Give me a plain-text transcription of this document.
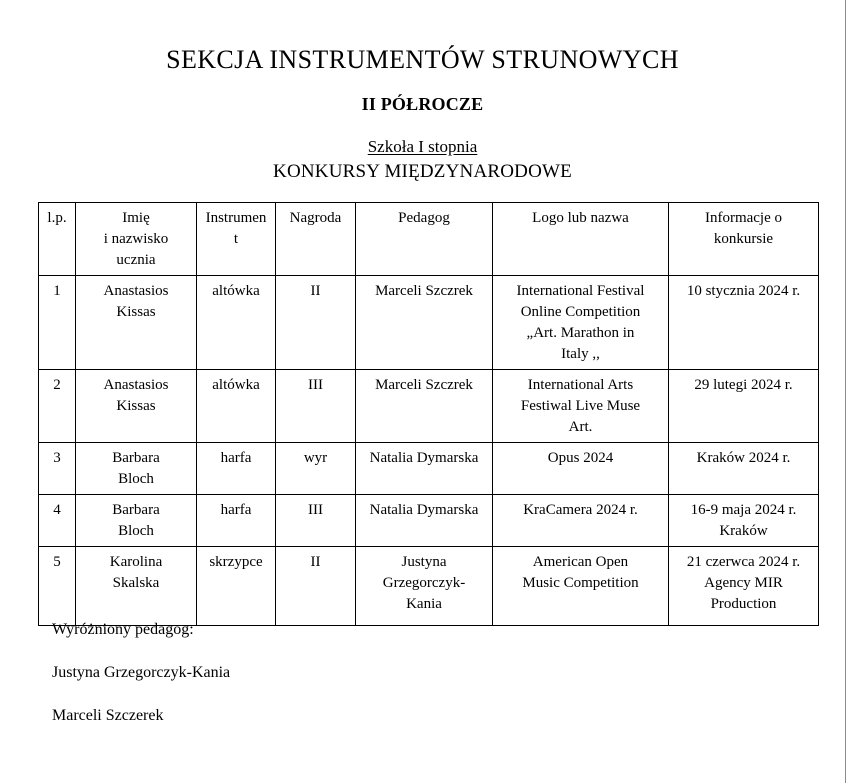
SEKCJA INSTRUMENTÓW STRUNOWYCH
II PÓŁROCZE
Szkoła I stopnia
KONKURSY MIĘDZYNARODOWE
l.p.	Imię
i nazwisko
ucznia	Instrumen
t	Nagroda	Pedagog	Logo lub nazwa	Informacje o
konkursie
1	Anastasios
Kissas	altówka	II	Marceli Szczrek	International Festival
Online Competition
„Art. Marathon in
Italy ,,	10 stycznia 2024 r.
2	Anastasios
Kissas	altówka	III	Marceli Szczrek	International Arts
Festiwal Live Muse
Art.	29 lutegi 2024 r.
3	Barbara
Bloch	harfa	wyr	Natalia Dymarska	Opus 2024	Kraków 2024 r.
4	Barbara
Bloch	harfa	III	Natalia Dymarska	KraCamera 2024 r.	16-9 maja 2024 r.
Kraków
5	Karolina
Skalska	skrzypce	II	Justyna
Grzegorczyk-
Kania	American Open
Music Competition	21 czerwca 2024 r.
Agency MIR
Production

Wyróżniony pedagog:

Justyna Grzegorczyk-Kania

Marceli Szczerek
